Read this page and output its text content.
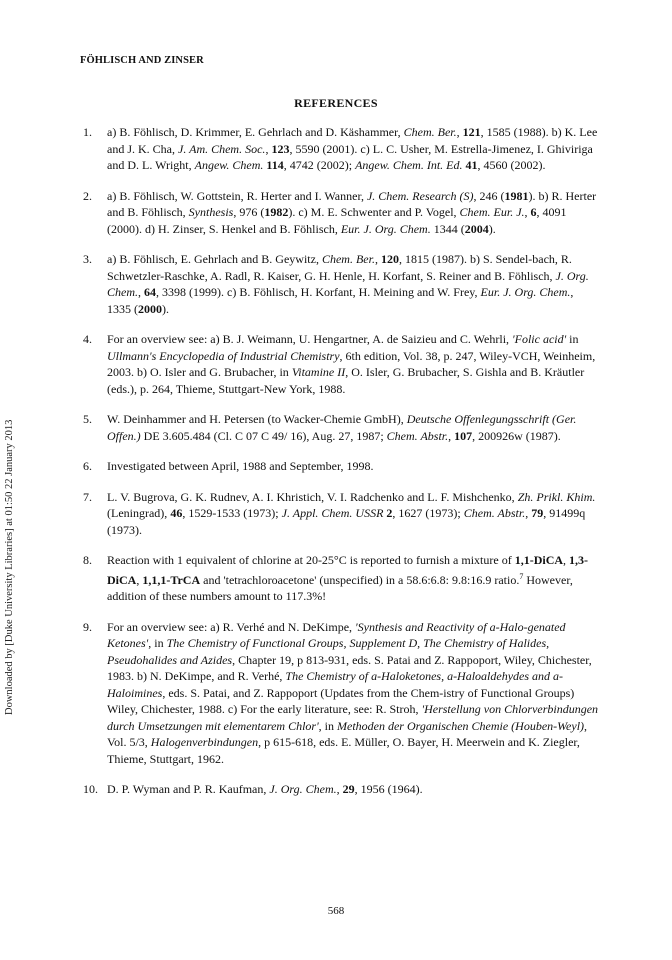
FÖHLISCH AND ZINSER
Downloaded by [Duke University Libraries] at 01:50 22 January 2013
REFERENCES
1.	a) B. Föhlisch, D. Krimmer, E. Gehrlach and D. Käshammer, Chem. Ber., 121, 1585 (1988). b) K. Lee and J. K. Cha, J. Am. Chem. Soc., 123, 5590 (2001). c) L. C. Usher, M. Estrella-Jimenez, I. Ghiviriga and D. L. Wright, Angew. Chem. 114, 4742 (2002); Angew. Chem. Int. Ed. 41, 4560 (2002).
2.	a) B. Föhlisch, W. Gottstein, R. Herter and I. Wanner, J. Chem. Research (S), 246 (1981). b) R. Herter and B. Föhlisch, Synthesis, 976 (1982). c) M. E. Schwenter and P. Vogel, Chem. Eur. J., 6, 4091 (2000). d) H. Zinser, S. Henkel and B. Föhlisch, Eur. J. Org. Chem. 1344 (2004).
3.	a) B. Föhlisch, E. Gehrlach and B. Geywitz, Chem. Ber., 120, 1815 (1987). b) S. Sendel-bach, R. Schwetzler-Raschke, A. Radl, R. Kaiser, G. H. Henle, H. Korfant, S. Reiner and B. Föhlisch, J. Org. Chem., 64, 3398 (1999). c) B. Föhlisch, H. Korfant, H. Meining and W. Frey, Eur. J. Org. Chem., 1335 (2000).
4.	For an overview see: a) B. J. Weimann, U. Hengartner, A. de Saizieu and C. Wehrli, 'Folic acid' in Ullmann's Encyclopedia of Industrial Chemistry, 6th edition, Vol. 38, p. 247, Wiley-VCH, Weinheim, 2003. b) O. Isler and G. Brubacher, in Vitamine II, O. Isler, G. Brubacher, S. Gishla and B. Kräutler (eds.), p. 264, Thieme, Stuttgart-New York, 1988.
5.	W. Deinhammer and H. Petersen (to Wacker-Chemie GmbH), Deutsche Offenlegungsschrift (Ger. Offen.) DE 3.605.484 (Cl. C 07 C 49/ 16), Aug. 27, 1987; Chem. Abstr., 107, 200926w (1987).
6.	Investigated between April, 1988 and September, 1998.
7.	L. V. Bugrova, G. K. Rudnev, A. I. Khristich, V. I. Radchenko and L. F. Mishchenko, Zh. Prikl. Khim. (Leningrad), 46, 1529-1533 (1973); J. Appl. Chem. USSR 2, 1627 (1973); Chem. Abstr., 79, 91499q (1973).
8.	Reaction with 1 equivalent of chlorine at 20-25°C is reported to furnish a mixture of 1,1-DiCA, 1,3-DiCA, 1,1,1-TrCA and 'tetrachloroacetone' (unspecified) in a 58.6:6.8: 9.8:16.9 ratio.$^7$ However, addition of these numbers amount to 117.3%!
9.	For an overview see: a) R. Verhé and N. DeKimpe, 'Synthesis and Reactivity of a-Halo-genated Ketones', in The Chemistry of Functional Groups, Supplement D, The Chemistry of Halides, Pseudohalides and Azides, Chapter 19, p 813-931, eds. S. Patai and Z. Rappoport, Wiley, Chichester, 1983. b) N. DeKimpe, and R. Verhé, The Chemistry of a-Haloketones, a-Haloaldehydes and a-Haloimines, eds. S. Patai, and Z. Rappoport (Updates from the Chem-istry of Functional Groups) Wiley, Chichester, 1988. c) For the early literature, see: R. Stroh, 'Herstellung von Chlorverbindungen durch Umsetzungen mit elementarem Chlor', in Methoden der Organischen Chemie (Houben-Weyl), Vol. 5/3, Halogenverbindungen, p 615-618, eds. E. Müller, O. Bayer, H. Meerwein and K. Ziegler, Thieme, Stuttgart, 1962.
10. D. P. Wyman and P. R. Kaufman, J. Org. Chem., 29, 1956 (1964).
568
